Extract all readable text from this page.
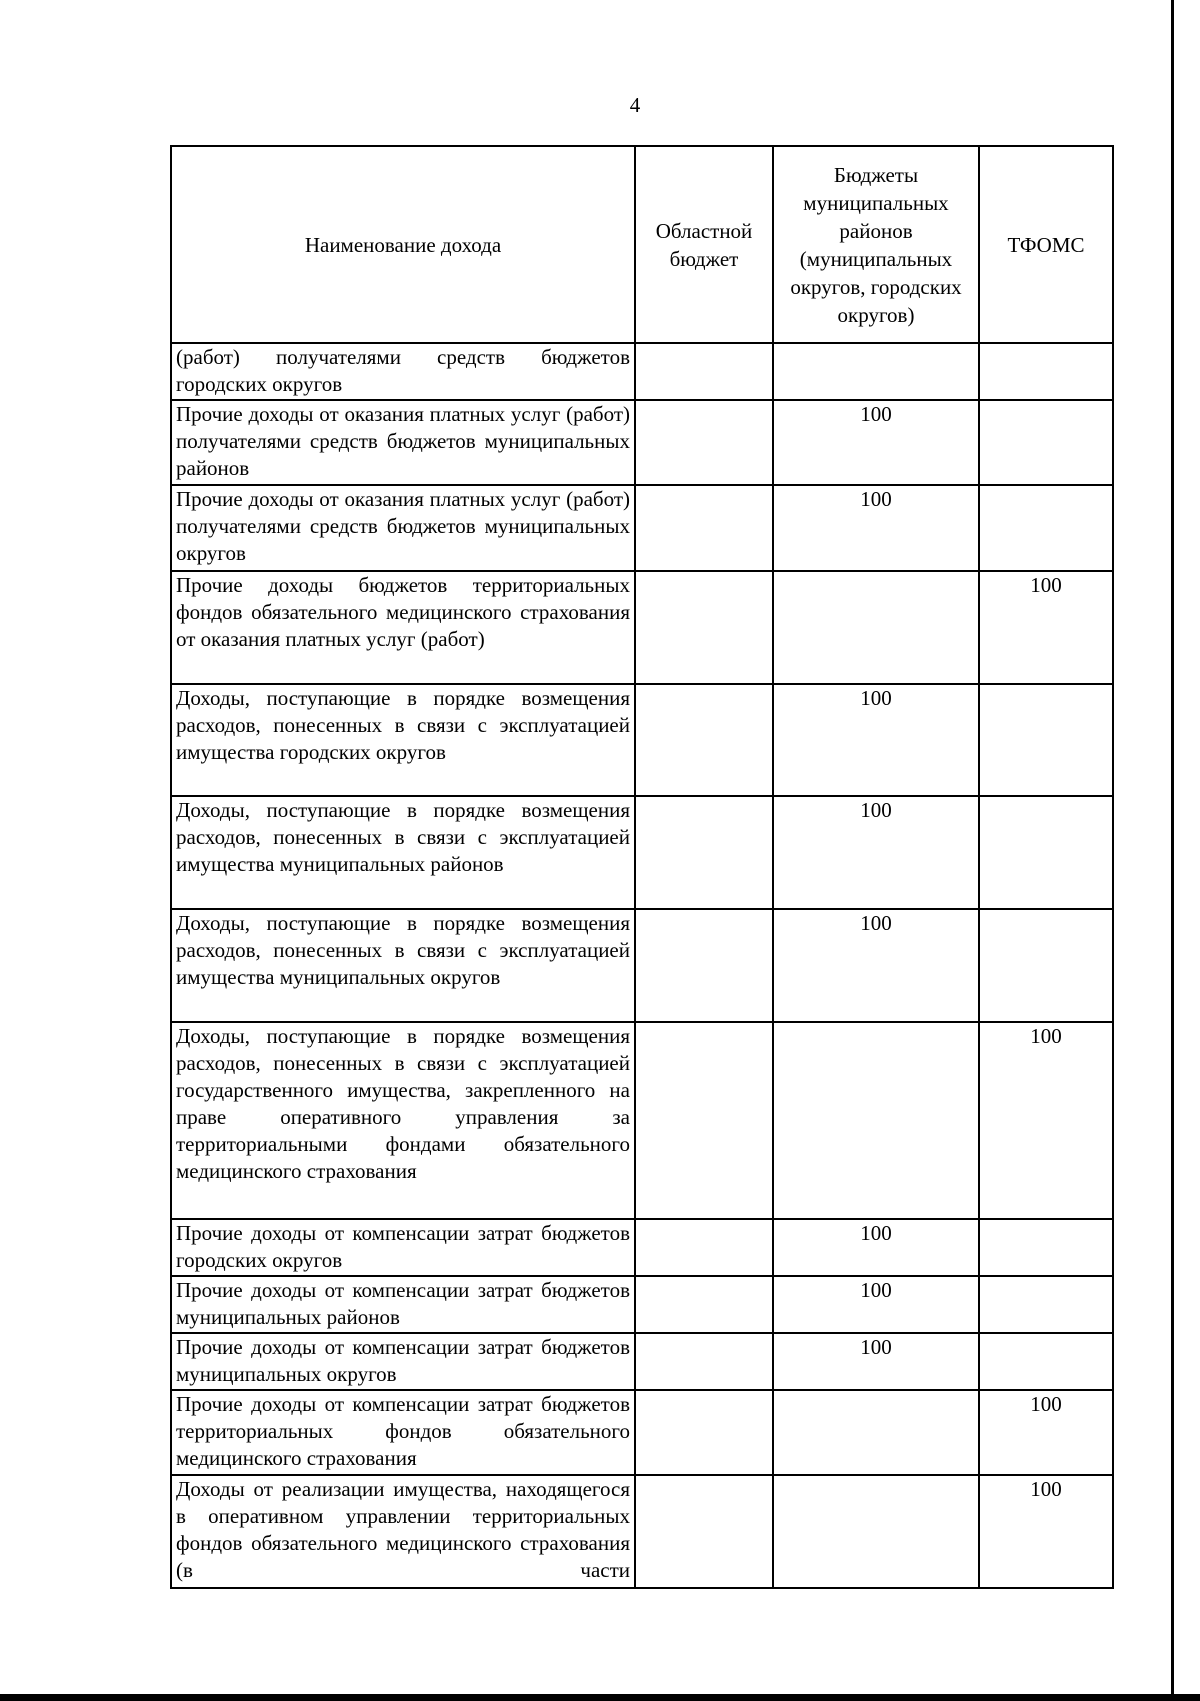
4
Наименование дохода	Областной бюджет	Бюджеты муниципальных районов (муниципальных округов, городских округов)	ТФОМС
(работ) получателями средств бюджетов городских округов			
Прочие доходы от оказания платных услуг (работ) получателями средств бюджетов муниципальных районов		100	
Прочие доходы от оказания платных услуг (работ) получателями средств бюджетов муниципальных округов		100	
Прочие доходы бюджетов территориальных фондов обязательного медицинского страхования от оказания платных услуг (работ)			100
Доходы, поступающие в порядке возмещения расходов, понесенных в связи с эксплуатацией имущества городских округов		100	
Доходы, поступающие в порядке возмещения расходов, понесенных в связи с эксплуатацией имущества муниципальных районов		100	
Доходы, поступающие в порядке возмещения расходов, понесенных в связи с эксплуатацией имущества муниципальных округов		100	
Доходы, поступающие в порядке возмещения расходов, понесенных в связи с эксплуатацией государственного имущества, закрепленного на праве оперативного управления за территориальными фондами обязательного медицинского страхования			100
Прочие доходы от компенсации затрат бюджетов городских округов		100	
Прочие доходы от компенсации затрат бюджетов муниципальных районов		100	
Прочие доходы от компенсации затрат бюджетов муниципальных округов		100	
Прочие доходы от компенсации затрат бюджетов территориальных фондов обязательного медицинского страхования			100
Доходы от реализации имущества, находящегося в оперативном управлении территориальных фондов обязательного медицинского страхования (в части			100
